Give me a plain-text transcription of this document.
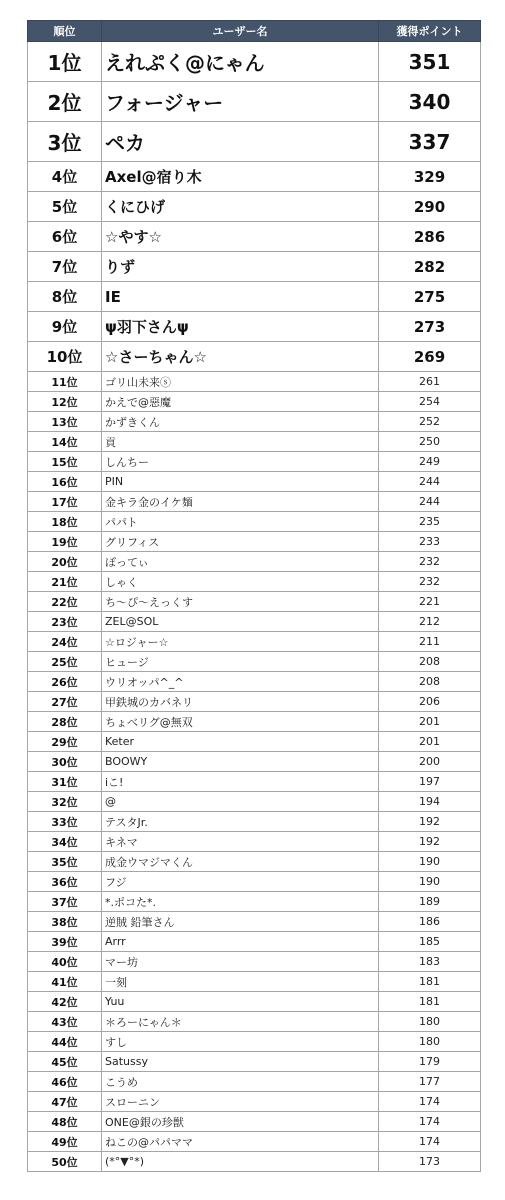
順位	ユーザー名	獲得ポイント
1位	えれぷく@にゃん	351
2位	フォージャー	340
3位	ペカ	337
4位	Axel@宿り木	329
5位	くにひげ	290
6位	☆やす☆	286
7位	りず	282
8位	IE	275
9位	ψ羽下さんψ	273
10位	☆さーちゃん☆	269
11位	ゴリ山未来ⓢ	261
12位	かえで@惡魔	254
13位	かずきくん	252
14位	貢	250
15位	しんちー	249
16位	PIN	244
17位	金キラ金のイケ麺	244
18位	パパト	235
19位	グリフィス	233
20位	ぽってぃ	232
21位	しゃく	232
22位	ち～ぴ～えっくす	221
23位	ZEL@SOL	212
24位	☆ロジャー☆	211
25位	ヒュージ	208
26位	ウリオッパ^_^	208
27位	甲鉄城のカバネリ	206
28位	ちょべリグ@無双	201
29位	Keter	201
30位	BOOWY	200
31位	iこ!	197
32位	@	194
33位	テスタJr.	192
34位	キネマ	192
35位	成金ウマジマくん	190
36位	フジ	190
37位	*.ポコた*.	189
38位	逆賊 鉛筆さん	186
39位	Arrr	185
40位	マー坊	183
41位	一刻	181
42位	Yuu	181
43位	＊ろーにゃん＊	180
44位	すし	180
45位	Satussy	179
46位	こうめ	177
47位	スローニン	174
48位	ONE@銀の珍獣	174
49位	ねこの@パパママ	174
50位	(*°▼°*)	173
